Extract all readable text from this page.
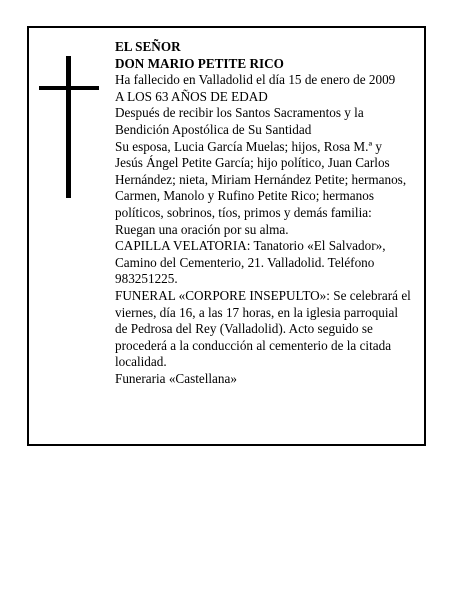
EL SEÑOR
DON MARIO PETITE RICO
Ha fallecido en Valladolid el día 15 de enero de 2009
A LOS 63 AÑOS DE EDAD
Después de recibir los Santos Sacramentos y la
Bendición Apostólica de Su Santidad
Su esposa, Lucia García Muelas; hijos, Rosa M.ª y
Jesús Ángel Petite García; hijo político, Juan Carlos
Hernández; nieta, Miriam Hernández Petite; hermanos,
Carmen, Manolo y Rufino Petite Rico; hermanos
políticos, sobrinos, tíos, primos y demás familia:
Ruegan una oración por su alma.
CAPILLA VELATORIA: Tanatorio «El Salvador»,
Camino del Cementerio, 21. Valladolid. Teléfono
983251225.
FUNERAL «CORPORE INSEPULTO»: Se celebrará el
viernes, día 16, a las 17 horas, en la iglesia parroquial
de Pedrosa del Rey (Valladolid). Acto seguido se
procederá a la conducción al cementerio de la citada
localidad.
Funeraria «Castellana»
